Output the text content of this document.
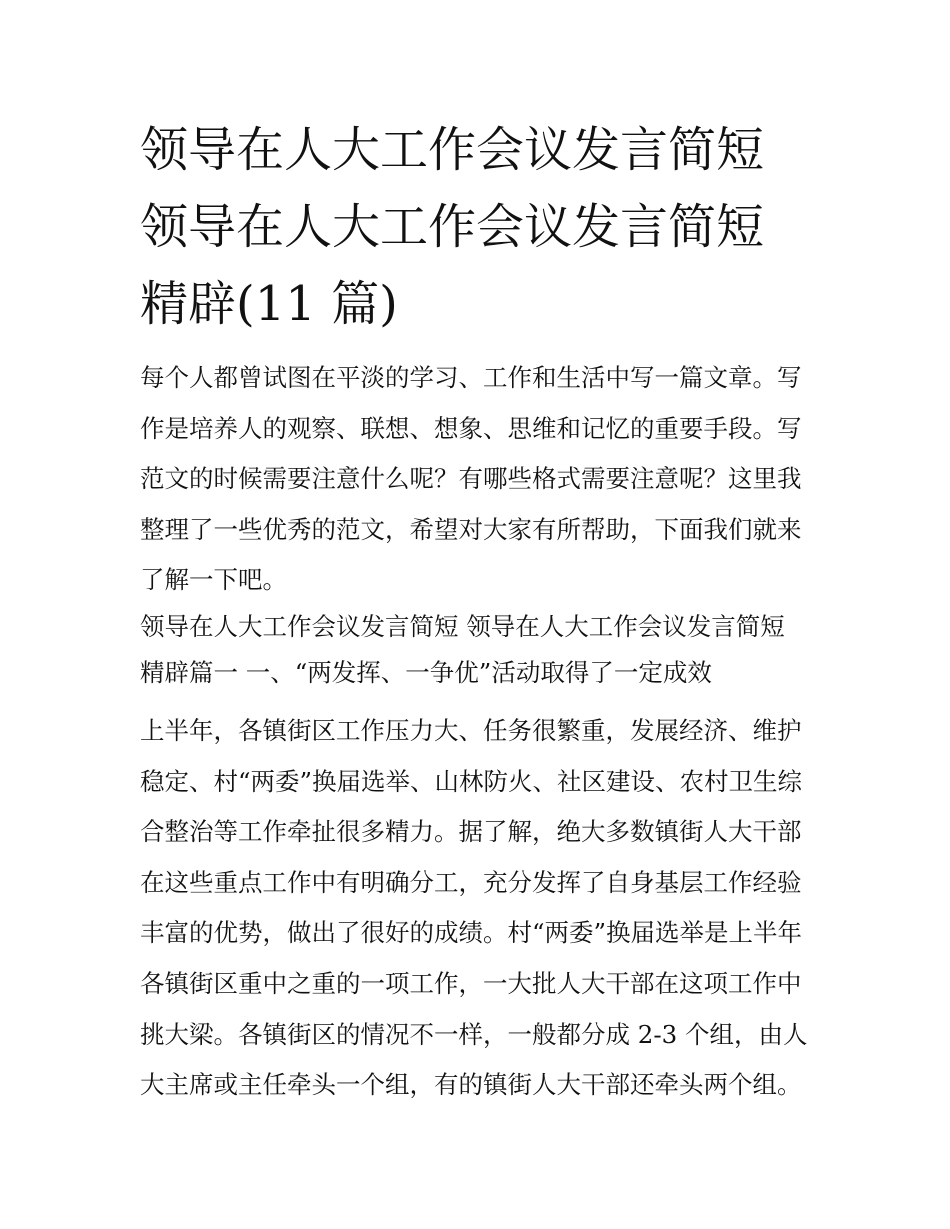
领导在人大工作会议发言简短
领导在人大工作会议发言简短
精辟(11 篇)

每个人都曾试图在平淡的学习、工作和生活中写一篇文章。写
作是培养人的观察、联想、想象、思维和记忆的重要手段。写
范文的时候需要注意什么呢？有哪些格式需要注意呢？这里我
整理了一些优秀的范文，希望对大家有所帮助，下面我们就来
了解一下吧。

领导在人大工作会议发言简短 领导在人大工作会议发言简短
精辟篇一 一、“两发挥、一争优”活动取得了一定成效

上半年，各镇街区工作压力大、任务很繁重，发展经济、维护
稳定、村“两委”换届选举、山林防火、社区建设、农村卫生综
合整治等工作牵扯很多精力。据了解，绝大多数镇街人大干部
在这些重点工作中有明确分工，充分发挥了自身基层工作经验
丰富的优势，做出了很好的成绩。村“两委”换届选举是上半年
各镇街区重中之重的一项工作，一大批人大干部在这项工作中
挑大梁。各镇街区的情况不一样，一般都分成 2-3 个组，由人
大主席或主任牵头一个组，有的镇街人大干部还牵头两个组。
